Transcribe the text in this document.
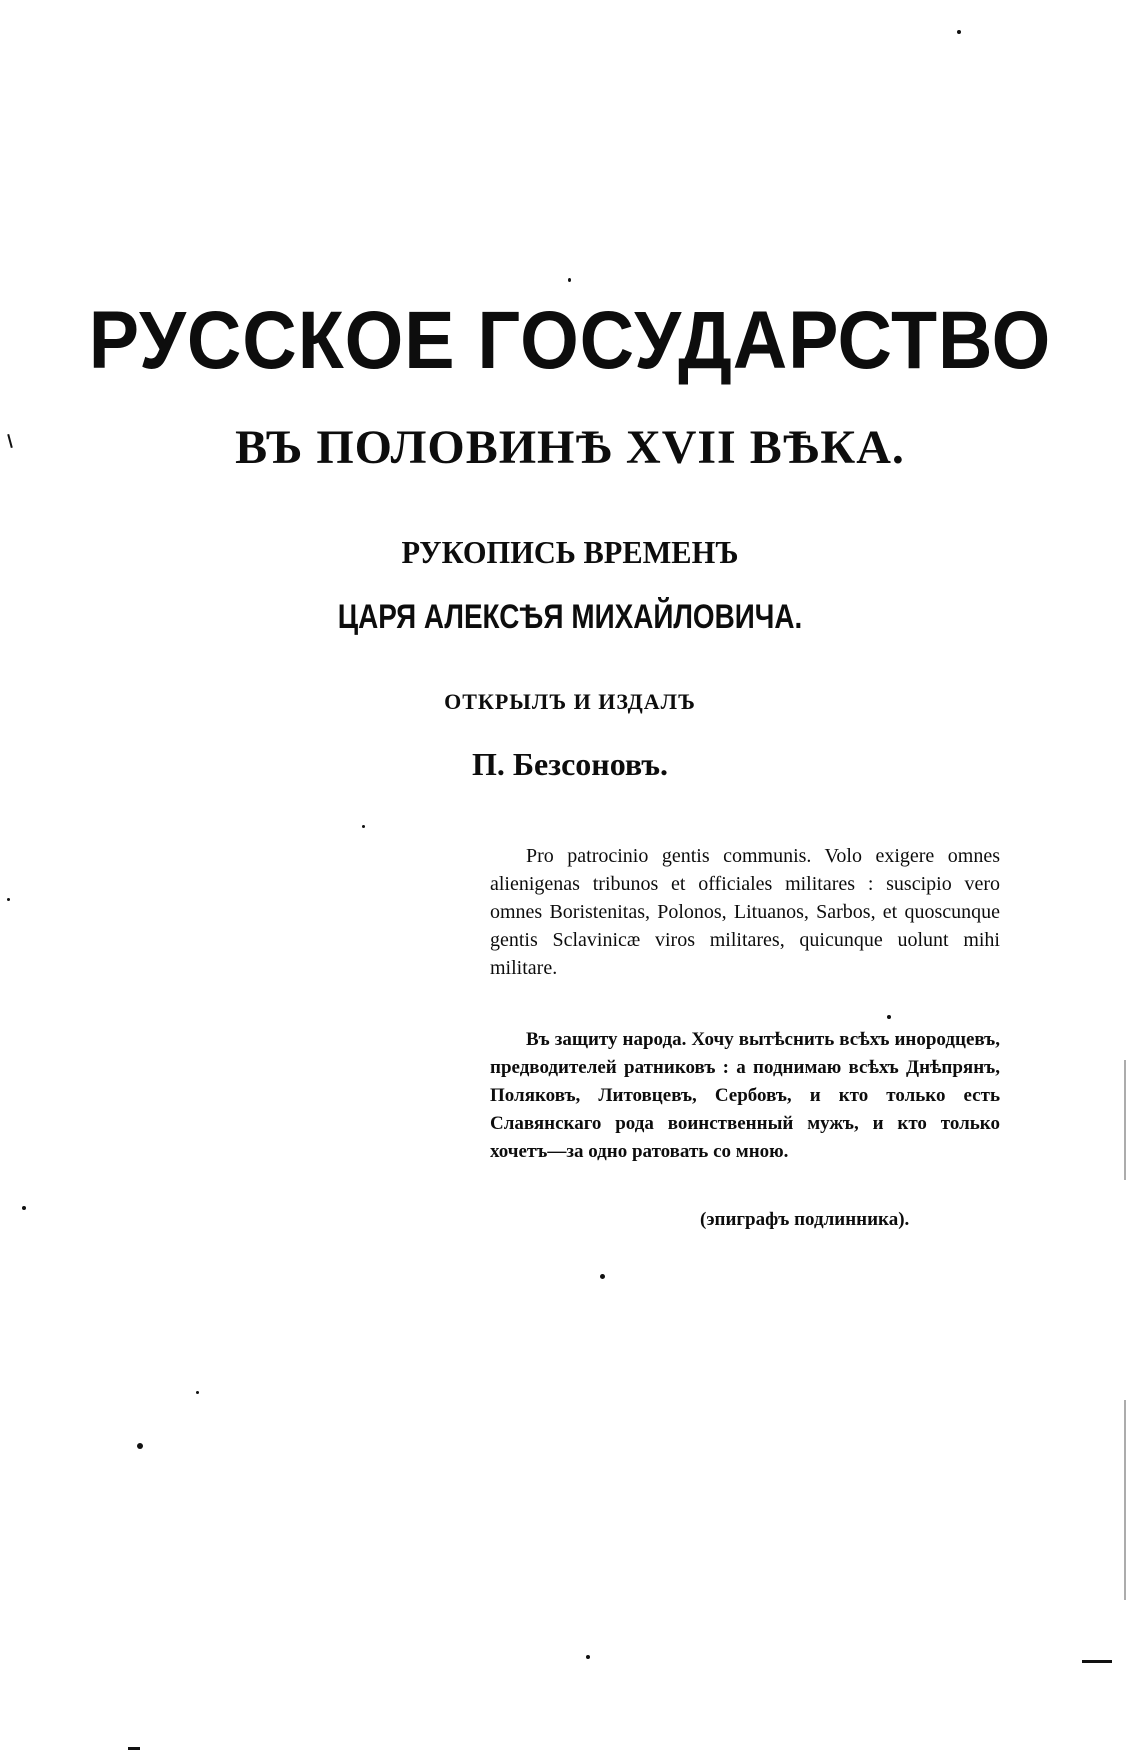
РУССКОЕ ГОСУДАРСТВО
ВЪ ПОЛОВИНѢ XVII ВѢКА.
РУКОПИСЬ ВРЕМЕНЪ
ЦАРЯ АЛЕКСѢЯ МИХАЙЛОВИЧА.
ОТКРЫЛЪ И ИЗДАЛЪ
П. Безсоновъ.

Pro patrocinio gentis communis. Volo exigere omnes alienigenas tribunos et officiales militares : suscipio vero omnes Boristenitas, Polonos, Lituanos, Sarbos, et quoscunque gentis Sclavinicæ viros militares, quicunque uolunt mihi militare.

Въ защиту народа. Хочу вытѣснить всѣхъ инородцевъ, предводителей ратниковъ : а поднимаю всѣхъ Днѣпрянъ, Поляковъ, Литовцевъ, Сербовъ, и кто только есть Славянскаго рода воинственный мужъ, и кто только хочетъ—за одно ратовать со мною.

(эпиграфъ подлинника).
